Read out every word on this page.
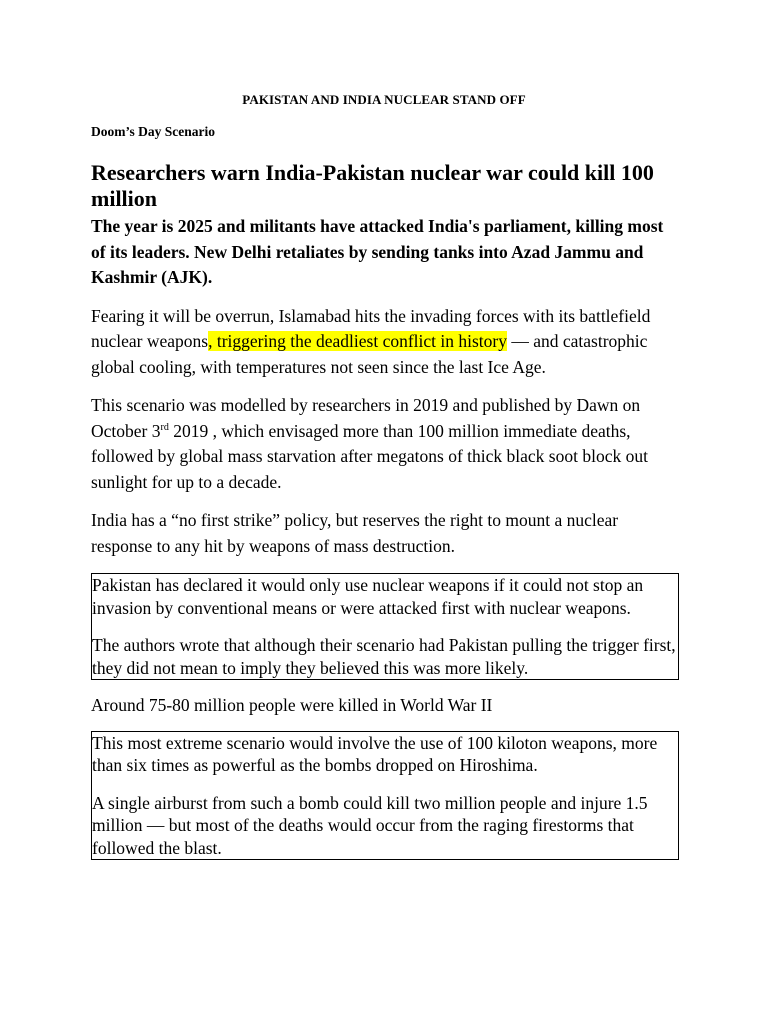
PAKISTAN AND INDIA NUCLEAR STAND OFF
Doom’s Day Scenario
Researchers warn India-Pakistan nuclear war could kill 100 million

The year is 2025 and militants have attacked India's parliament, killing most of its leaders. New Delhi retaliates by sending tanks into Azad Jammu and Kashmir (AJK).

Fearing it will be overrun, Islamabad hits the invading forces with its battlefield nuclear weapons, triggering the deadliest conflict in history — and catastrophic global cooling, with temperatures not seen since the last Ice Age.

This scenario was modelled by researchers in 2019 and published by Dawn on October 3rd 2019 , which envisaged more than 100 million immediate deaths, followed by global mass starvation after megatons of thick black soot block out sunlight for up to a decade.

India has a “no first strike” policy, but reserves the right to mount a nuclear response to any hit by weapons of mass destruction.

Pakistan has declared it would only use nuclear weapons if it could not stop an invasion by conventional means or were attacked first with nuclear weapons.

The authors wrote that although their scenario had Pakistan pulling the trigger first, they did not mean to imply they believed this was more likely.

Around 75-80 million people were killed in World War II

This most extreme scenario would involve the use of 100 kiloton weapons, more than six times as powerful as the bombs dropped on Hiroshima.

A single airburst from such a bomb could kill two million people and injure 1.5 million — but most of the deaths would occur from the raging firestorms that followed the blast.
